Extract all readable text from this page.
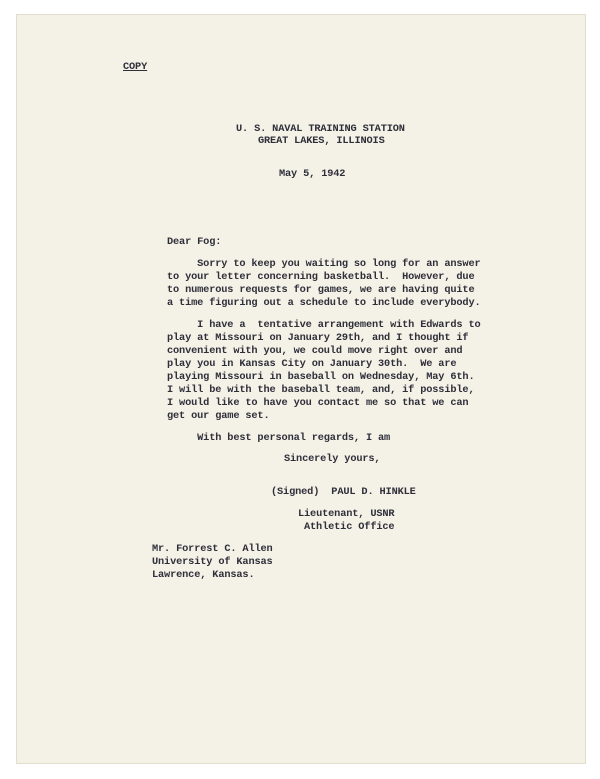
COPY
U. S. NAVAL TRAINING STATION
GREAT LAKES, ILLINOIS
May 5, 1942
Dear Fog:
Sorry to keep you waiting so long for an answer
to your letter concerning basketball.  However, due
to numerous requests for games, we are having quite
a time figuring out a schedule to include everybody.
I have a  tentative arrangement with Edwards to
play at Missouri on January 29th, and I thought if
convenient with you, we could move right over and
play you in Kansas City on January 30th.  We are
playing Missouri in baseball on Wednesday, May 6th.
I will be with the baseball team, and, if possible,
I would like to have you contact me so that we can
get our game set.
With best personal regards, I am
Sincerely yours,
(Signed)  PAUL D. HINKLE
Lieutenant, USNR
Athletic Office
Mr. Forrest C. Allen
University of Kansas
Lawrence, Kansas.
